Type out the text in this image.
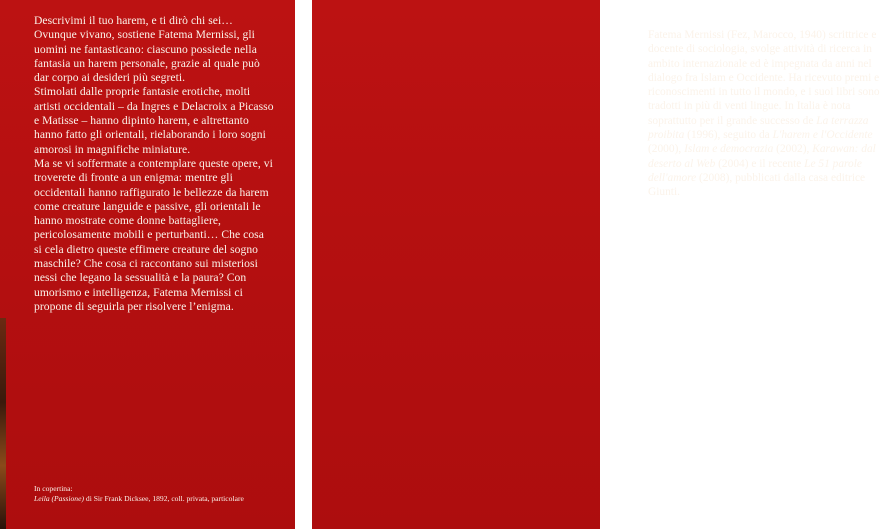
Descrivimi il tuo harem, e ti dirò chi sei… Ovunque vivano, sostiene Fatema Mernissi, gli uomini ne fantasticano: ciascuno possiede nella fantasia un harem personale, grazie al quale può dar corpo ai desideri più segreti.

Stimolati dalle proprie fantasie erotiche, molti artisti occidentali – da Ingres e Delacroix a Picasso e Matisse – hanno dipinto harem, e altrettanto hanno fatto gli orientali, rielaborando i loro sogni amorosi in magnifiche miniature.

Ma se vi soffermate a contemplare queste opere, vi troverete di fronte a un enigma: mentre gli occidentali hanno raffigurato le bellezze da harem come creature languide e passive, gli orientali le hanno mostrate come donne battagliere, pericolosamente mobili e perturbanti… Che cosa si cela dietro queste effimere creature del sogno maschile? Che cosa ci raccontano sui misteriosi nessi che legano la sessualità e la paura? Con umorismo e intelligenza, Fatema Mernissi ci propone di seguirla per risolvere l’enigma.

In copertina:
Leila (Passione) di Sir Frank Dicksee, 1892, coll. privata, particolare

Fatema Mernissi (Fez, Marocco, 1940) scrittrice e docente di sociologia, svolge attività di ricerca in ambito internazionale ed è impegnata da anni nel dialogo fra Islam e Occidente. Ha ricevuto premi e riconoscimenti in tutto il mondo, e i suoi libri sono tradotti in più di venti lingue. In Italia è nota soprattutto per il grande successo de La terrazza proibita (1996), seguito da L'harem e l'Occidente (2000), Islam e democrazia (2002), Karawan: dal deserto al Web (2004) e il recente Le 51 parole dell'amore (2008), pubblicati dalla casa editrice Giunti.
